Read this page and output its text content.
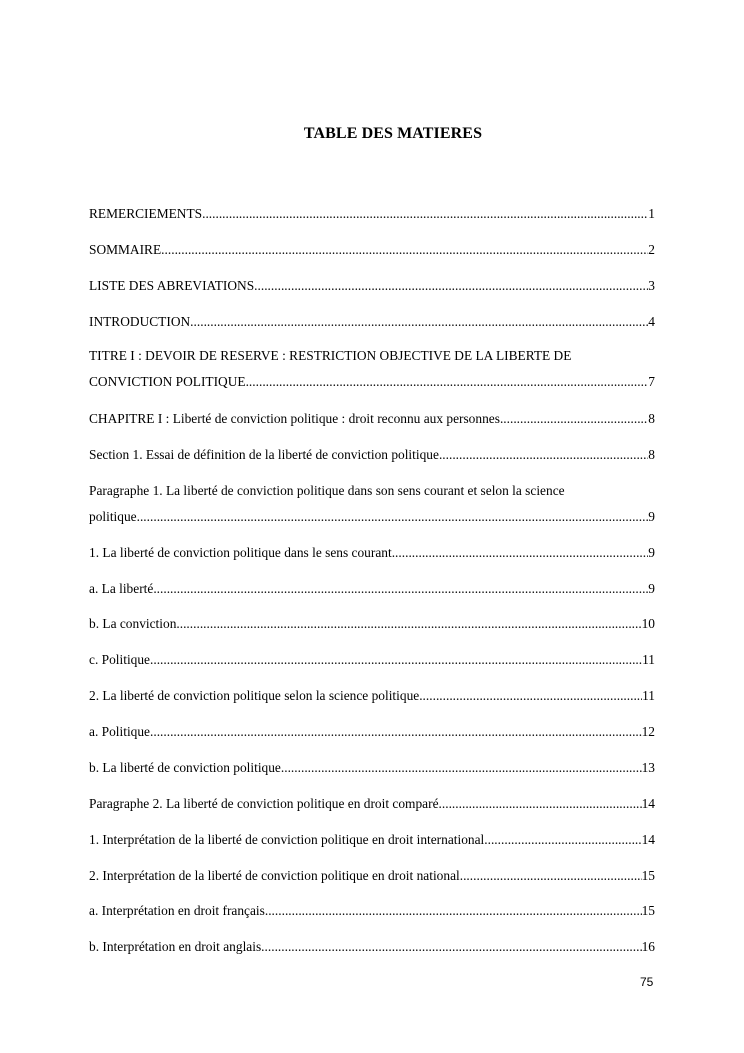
TABLE DES MATIERES
REMERCIEMENTS .....	1
SOMMAIRE .....	2
LISTE DES ABREVIATIONS .....	3
INTRODUCTION .....	4
TITRE I : DEVOIR DE RESERVE : RESTRICTION OBJECTIVE DE LA LIBERTE DE
CONVICTION POLITIQUE .....	7
CHAPITRE I : Liberté de conviction politique : droit reconnu aux personnes .....	8
Section 1. Essai de définition de la liberté de conviction politique .....	8
Paragraphe 1. La liberté de conviction politique dans son sens courant et selon la science
politique .....	9
1. La liberté de conviction politique dans le sens courant .....	9
a. La liberté .....	9
b. La conviction .....	10
c. Politique .....	11
2. La liberté de conviction politique selon la science politique .....	11
a. Politique .....	12
b. La liberté de conviction politique .....	13
Paragraphe 2. La liberté de conviction politique en droit comparé .....	14
1. Interprétation de la liberté de conviction politique en droit international .....	14
2. Interprétation de la liberté de conviction politique en droit national .....	15
a. Interprétation en droit français .....	15
b. Interprétation en droit anglais .....	16
75
